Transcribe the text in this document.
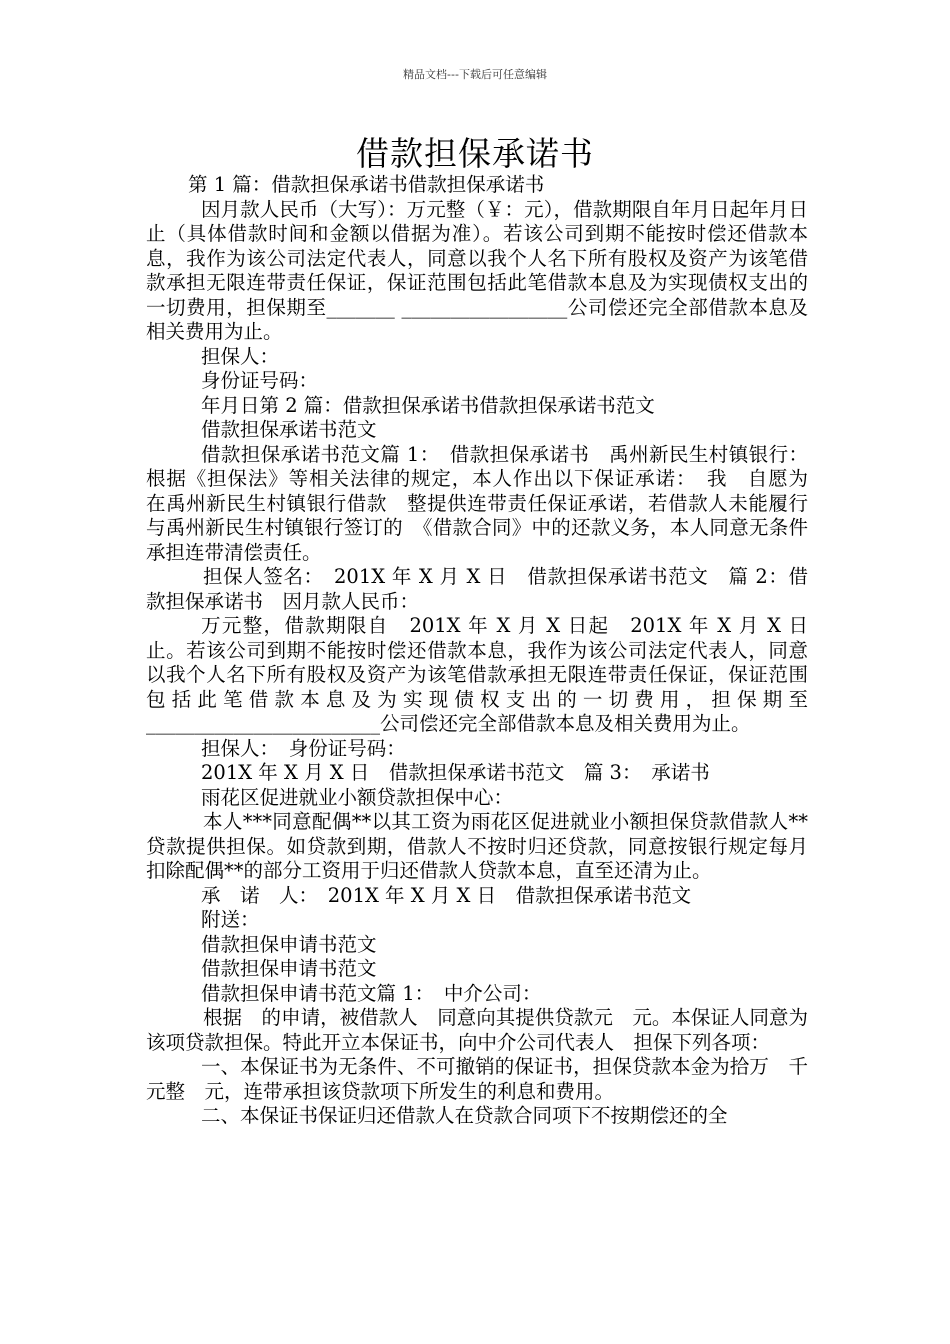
精品文档---下载后可任意编辑
借款担保承诺书

第 1 篇：借款担保承诺书借款担保承诺书

因月款人民币（大写）：万元整（￥：元），借款期限自年月日起年月日止（具体借款时间和金额以借据为准）。若该公司到期不能按时偿还借款本息，我作为该公司法定代表人，同意以我个人名下所有股权及资产为该笔借款承担无限连带责任保证，保证范围包括此笔借款本息及为实现债权支出的一切费用，担保期至_______ _________________公司偿还完全部借款本息及相关费用为止。

担保人：

身份证号码：

年月日第 2 篇：借款担保承诺书借款担保承诺书范文

借款担保承诺书范文

借款担保承诺书范文篇 1：　借款担保承诺书　禹州新民生村镇银行：根据《担保法》等相关法律的规定，本人作出以下保证承诺：　我　自愿为　在禹州新民生村镇银行借款　整提供连带责任保证承诺，若借款人未能履行与禹州新民生村镇银行签订的　《借款合同》中的还款义务，本人同意无条件承担连带清偿责任。

担保人签名：　201X 年 X 月 X 日　借款担保承诺书范文　篇 2：借款担保承诺书　因月款人民币：

万元整，借款期限自　201X 年 X 月 X 日起　201X 年 X 月 X 日止。若该公司到期不能按时偿还借款本息，我作为该公司法定代表人，同意以我个人名下所有股权及资产为该笔借款承担无限连带责任保证，保证范围包括此笔借款本息及为实现债权支出的一切费用，担保期至________________________公司偿还完全部借款本息及相关费用为止。

担保人：　身份证号码：

201X 年 X 月 X 日　借款担保承诺书范文　篇 3：　承诺书

雨花区促进就业小额贷款担保中心：

本人***同意配偶**以其工资为雨花区促进就业小额担保贷款借款人**贷款提供担保。如贷款到期，借款人不按时归还贷款，同意按银行规定每月扣除配偶**的部分工资用于归还借款人贷款本息，直至还清为止。

承　诺　人：　201X 年 X 月 X 日　借款担保承诺书范文

附送：

借款担保申请书范文

借款担保申请书范文

借款担保申请书范文篇 1：　中介公司：

根据　的申请，被借款人　同意向其提供贷款元　元。本保证人同意为该项贷款担保。特此开立本保证书，向中介公司代表人　担保下列各项：

一、本保证书为无条件、不可撤销的保证书，担保贷款本金为拾万　千元整　元，连带承担该贷款项下所发生的利息和费用。

二、本保证书保证归还借款人在贷款合同项下不按期偿还的全
